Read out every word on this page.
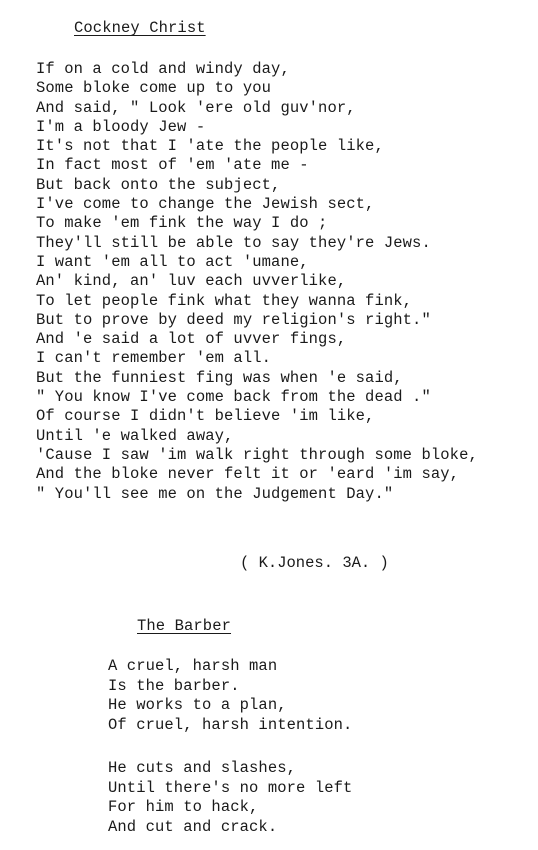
Cockney Christ
If on a cold and windy day,
Some bloke come up to you
And said, " Look 'ere old guv'nor,
I'm a bloody Jew -
It's not that I 'ate the people like,
In fact most of 'em 'ate me -
But back onto the subject,
I've come to change the Jewish sect,
To make 'em fink the way I do ;
They'll still be able to say they're Jews.
I want 'em all to act 'umane,
An' kind, an' luv each uvverlike,
To let people fink what they wanna fink,
But to prove by deed my religion's right."
And 'e said a lot of uvver fings,
I can't remember 'em all.
But the funniest fing was when 'e said,
" You know I've come back from the dead ."
Of course I didn't believe 'im like,
Until 'e walked away,
'Cause I saw 'im walk right through some bloke,
And the bloke never felt it or 'eard 'im say,
" You'll see me on the Judgement Day."
( K.Jones. 3A. )
The Barber
A cruel, harsh man
Is the barber.
He works to a plan,
Of cruel, harsh intention.
He cuts and slashes,
Until there's no more left
For him to hack,
And cut and crack.
